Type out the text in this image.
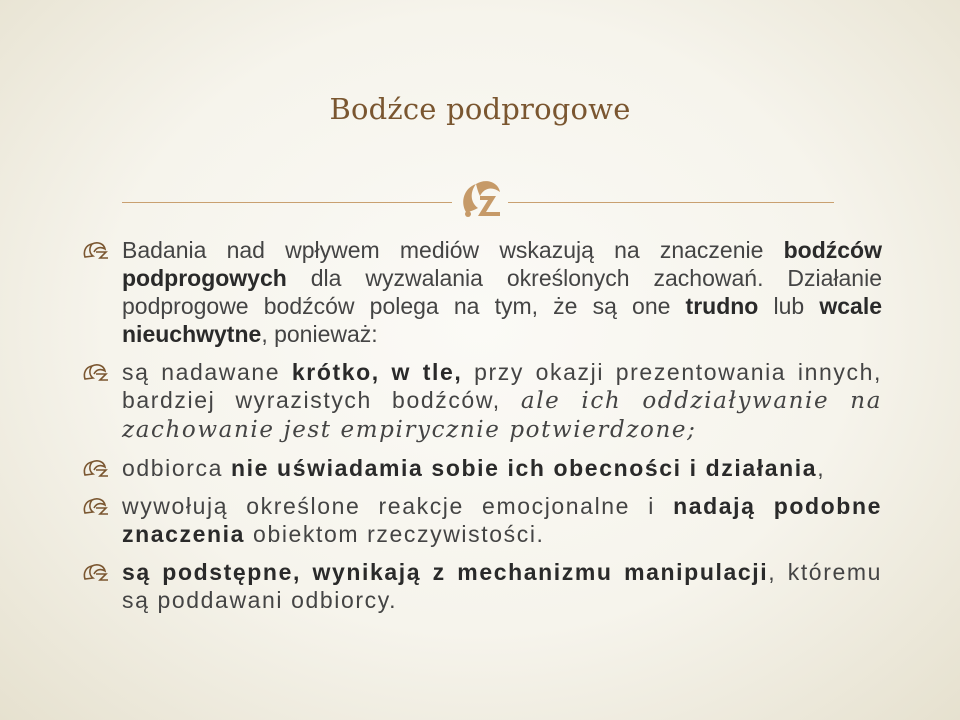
Bodźce podprogowe
Badania nad wpływem mediów wskazują na znaczenie bodźców podprogowych dla wyzwalania określonych zachowań. Działanie podprogowe bodźców polega na tym, że są one trudno lub wcale nieuchwytne, ponieważ:
są nadawane krótko, w tle, przy okazji prezentowania innych, bardziej wyrazistych bodźców, ale ich oddziaływanie na zachowanie jest empirycznie potwierdzone;
odbiorca nie uświadamia sobie ich obecności i działania,
wywołują określone reakcje emocjonalne i nadają podobne znaczenia obiektom rzeczywistości.
są podstępne, wynikają z mechanizmu manipulacji, któremu są poddawani odbiorcy.
